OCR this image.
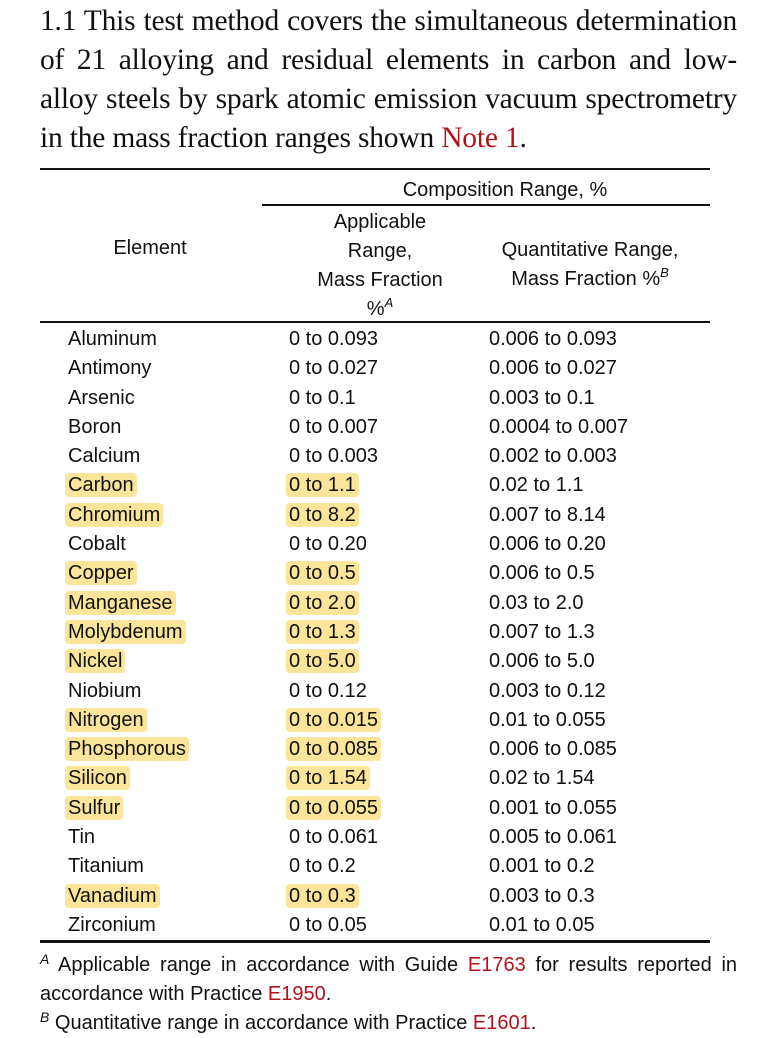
1.1 This test method covers the simultaneous determination of 21 alloying and residual elements in carbon and low-alloy steels by spark atomic emission vacuum spectrometry in the mass fraction ranges shown Note 1.
Composition Range, %
Element
Applicable
Range,
Mass Fraction
%$^A$
Quantitative Range,
Mass Fraction %$^B$
Aluminum	0 to 0.093	0.006 to 0.093
Antimony	0 to 0.027	0.006 to 0.027
Arsenic	0 to 0.1	0.003 to 0.1
Boron	0 to 0.007	0.0004 to 0.007
Calcium	0 to 0.003	0.002 to 0.003
Carbon	0 to 1.1	0.02 to 1.1
Chromium	0 to 8.2	0.007 to 8.14
Cobalt	0 to 0.20	0.006 to 0.20
Copper	0 to 0.5	0.006 to 0.5
Manganese	0 to 2.0	0.03 to 2.0
Molybdenum	0 to 1.3	0.007 to 1.3
Nickel	0 to 5.0	0.006 to 5.0
Niobium	0 to 0.12	0.003 to 0.12
Nitrogen	0 to 0.015	0.01 to 0.055
Phosphorous	0 to 0.085	0.006 to 0.085
Silicon	0 to 1.54	0.02 to 1.54
Sulfur	0 to 0.055	0.001 to 0.055
Tin	0 to 0.061	0.005 to 0.061
Titanium	0 to 0.2	0.001 to 0.2
Vanadium	0 to 0.3	0.003 to 0.3
Zirconium	0 to 0.05	0.01 to 0.05

$^A$ Applicable range in accordance with Guide E1763 for results reported in accordance with Practice E1950.

$^B$ Quantitative range in accordance with Practice E1601.
